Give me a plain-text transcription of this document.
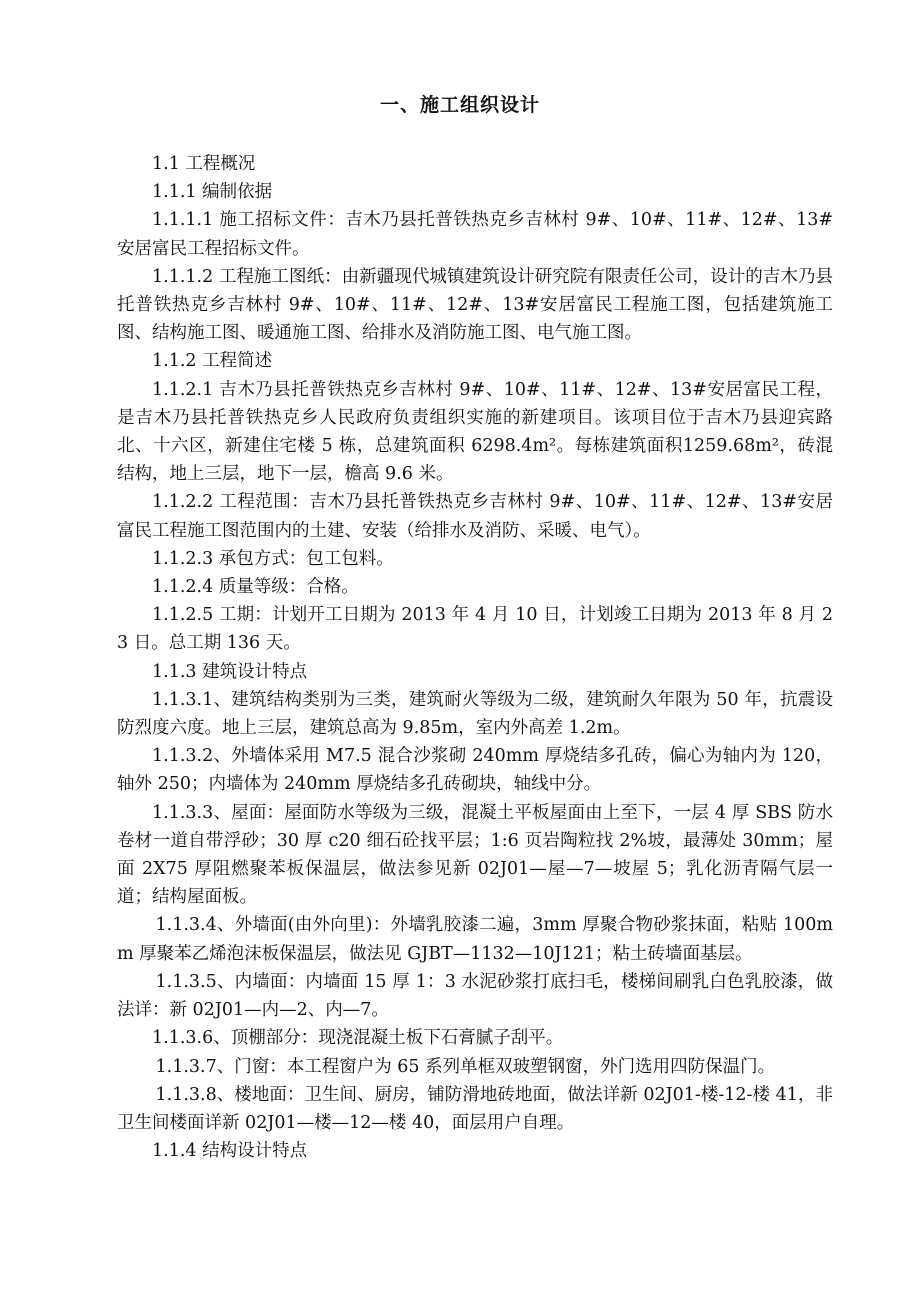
一、施工组织设计

1.1 工程概况

1.1.1 编制依据

1.1.1.1 施工招标文件：吉木乃县托普铁热克乡吉林村 9#、10#、11#、12#、13#安居富民工程招标文件。

1.1.1.2 工程施工图纸：由新疆现代城镇建筑设计研究院有限责任公司，设计的吉木乃县托普铁热克乡吉林村 9#、10#、11#、12#、13#安居富民工程施工图，包括建筑施工图、结构施工图、暖通施工图、给排水及消防施工图、电气施工图。

1.1.2 工程简述

1.1.2.1 吉木乃县托普铁热克乡吉林村 9#、10#、11#、12#、13#安居富民工程，是吉木乃县托普铁热克乡人民政府负责组织实施的新建项目。该项目位于吉木乃县迎宾路北、十六区，新建住宅楼 5 栋，总建筑面积 6298.4m²。每栋建筑面积1259.68m²，砖混结构，地上三层，地下一层，檐高 9.6 米。

1.1.2.2 工程范围：吉木乃县托普铁热克乡吉林村 9#、10#、11#、12#、13#安居富民工程施工图范围内的土建、安装（给排水及消防、采暖、电气）。

1.1.2.3 承包方式：包工包料。

1.1.2.4 质量等级：合格。

1.1.2.5 工期：计划开工日期为 2013 年 4 月 10 日，计划竣工日期为 2013 年 8 月 23 日。总工期 136 天。

1.1.3 建筑设计特点

1.1.3.1、建筑结构类别为三类，建筑耐火等级为二级，建筑耐久年限为 50 年，抗震设防烈度六度。地上三层，建筑总高为 9.85m，室内外高差 1.2m。

1.1.3.2、外墙体采用 M7.5 混合沙浆砌 240mm 厚烧结多孔砖，偏心为轴内为 120，轴外 250；内墙体为 240mm 厚烧结多孔砖砌块，轴线中分。

1.1.3.3、屋面：屋面防水等级为三级，混凝土平板屋面由上至下，一层 4 厚 SBS 防水卷材一道自带浮砂；30 厚 c20 细石砼找平层；1:6 页岩陶粒找 2%坡，最薄处 30mm；屋面 2X75 厚阻燃聚苯板保温层，做法参见新 02J01—屋—7—坡屋 5；乳化沥青隔气层一道；结构屋面板。

1.1.3.4、外墙面(由外向里)：外墙乳胶漆二遍，3mm 厚聚合物砂浆抹面，粘贴 100mm 厚聚苯乙烯泡沫板保温层，做法见 GJBT—1132—10J121；粘土砖墙面基层。

1.1.3.5、内墙面：内墙面 15 厚 1：3 水泥砂浆打底扫毛，楼梯间刷乳白色乳胶漆，做法详：新 02J01—内—2、内—7。

1.1.3.6、顶棚部分：现浇混凝土板下石膏腻子刮平。

1.1.3.7、门窗：本工程窗户为 65 系列单框双玻塑钢窗，外门选用四防保温门。

1.1.3.8、楼地面：卫生间、厨房，铺防滑地砖地面，做法详新 02J01-楼-12-楼 41，非卫生间楼面详新 02J01—楼—12—楼 40，面层用户自理。

1.1.4 结构设计特点
